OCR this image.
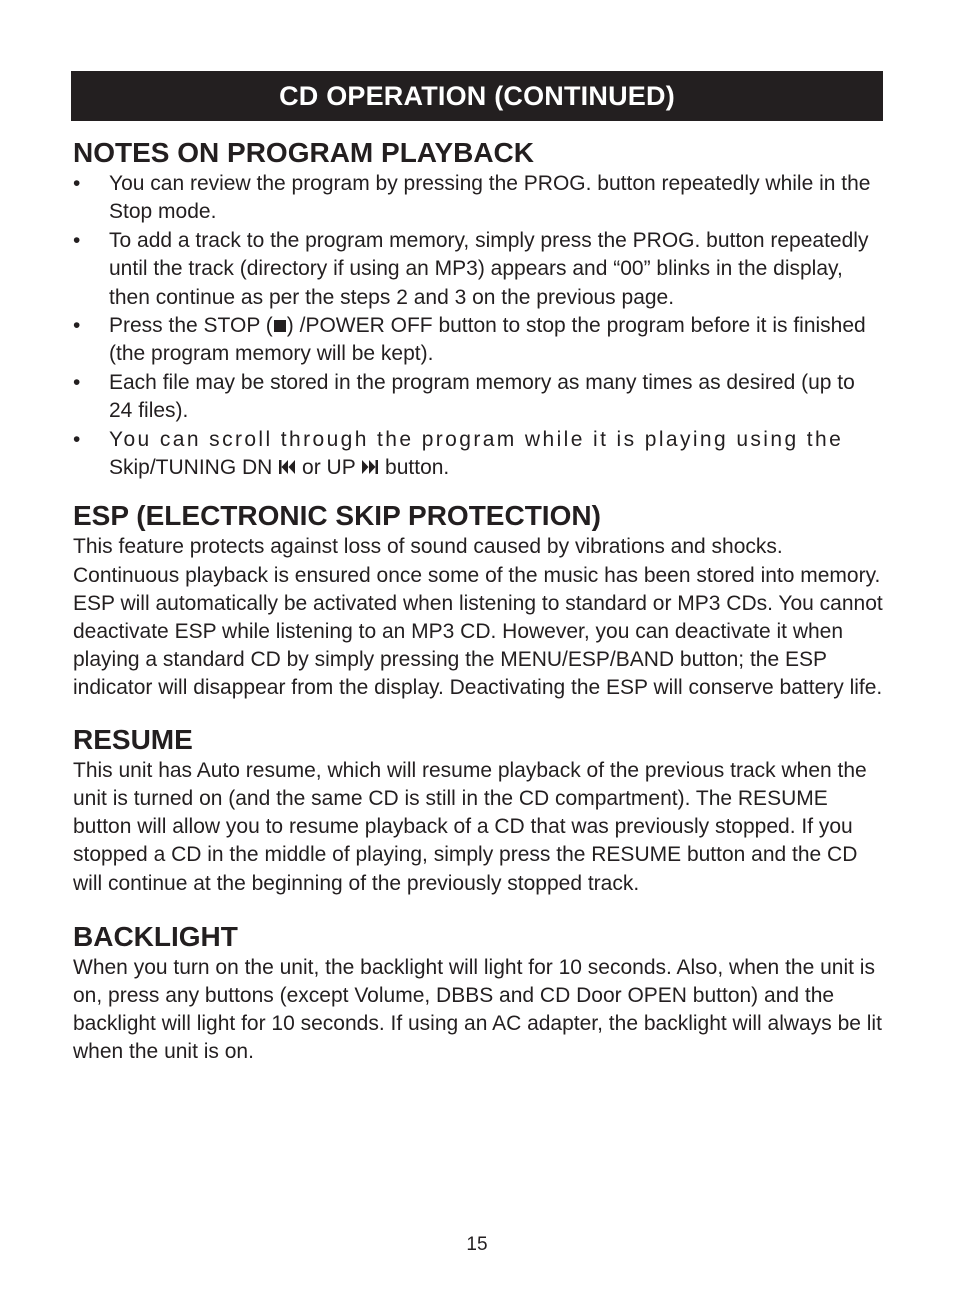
CD OPERATION (CONTINUED)
NOTES ON PROGRAM PLAYBACK
• You can review the program by pressing the PROG. button repeatedly while in the Stop mode.
• To add a track to the program memory, simply press the PROG. button repeatedly until the track (directory if using an MP3) appears and “00” blinks in the display, then continue as per the steps 2 and 3 on the previous page.
• Press the STOP ( ) /POWER OFF button to stop the program before it is finished (the program memory will be kept).
• Each file may be stored in the program memory as many times as desired (up to 24 files).
• You can scroll through the program while it is playing using the
Skip/TUNING DN or UP button.
ESP (ELECTRONIC SKIP PROTECTION)

This feature protects against loss of sound caused by vibrations and shocks. Continuous playback is ensured once some of the music has been stored into memory.

ESP will automatically be activated when listening to standard or MP3 CDs. You cannot deactivate ESP while listening to an MP3 CD. However, you can deactivate it when playing a standard CD by simply pressing the MENU/ESP/BAND button; the ESP indicator will disappear from the display. Deactivating the ESP will conserve battery life.

RESUME

This unit has Auto resume, which will resume playback of the previous track when the unit is turned on (and the same CD is still in the CD compartment). The RESUME button will allow you to resume playback of a CD that was previously stopped. If you stopped a CD in the middle of playing, simply press the RESUME button and the CD will continue at the beginning of the previously stopped track.

BACKLIGHT

When you turn on the unit, the backlight will light for 10 seconds. Also, when the unit is on, press any buttons (except Volume, DBBS and CD Door OPEN button) and the backlight will light for 10 seconds. If using an AC adapter, the backlight will always be lit when the unit is on.

15
